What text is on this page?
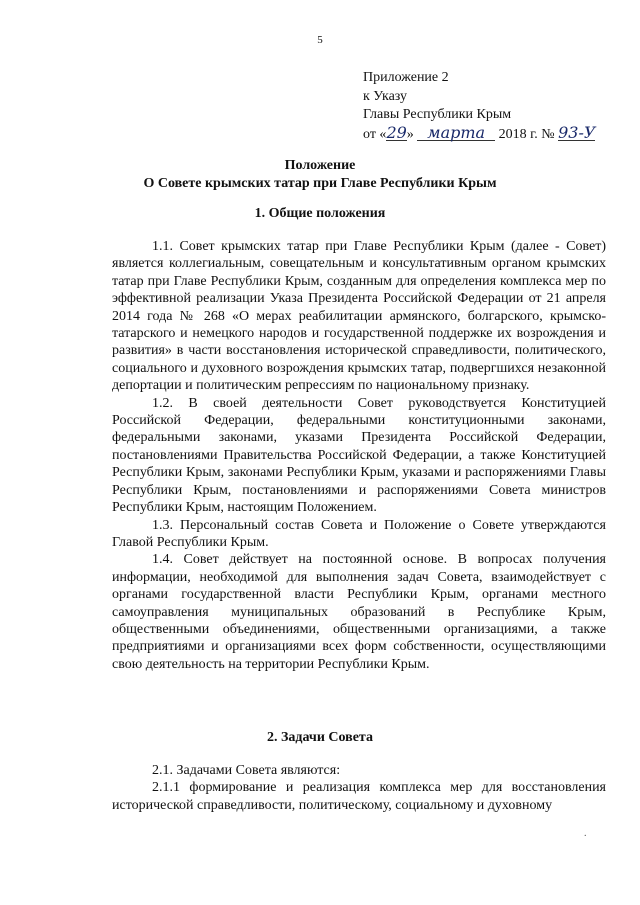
5
Приложение 2
к Указу
Главы Республики Крым
от «29» марта 2018 г. № 93-У
Положение
О Совете крымских татар при Главе Республики Крым
1. Общие положения

1.1. Совет крымских татар при Главе Республики Крым (далее - Совет) является коллегиальным, совещательным и консультативным органом крымских татар при Главе Республики Крым, созданным для определения комплекса мер по эффективной реализации Указа Президента Российской Федерации от 21 апреля 2014 года № 268 «О мерах реабилитации армянского, болгарского, крымско-татарского и немецкого народов и государственной поддержке их возрождения и развития» в части восстановления исторической справедливости, политического, социального и духовного возрождения крымских татар, подвергшихся незаконной депортации и политическим репрессиям по национальному признаку.

1.2. В своей деятельности Совет руководствуется Конституцией Российской Федерации, федеральными конституционными законами, федеральными законами, указами Президента Российской Федерации, постановлениями Правительства Российской Федерации, а также Конституцией Республики Крым, законами Республики Крым, указами и распоряжениями Главы Республики Крым, постановлениями и распоряжениями Совета министров Республики Крым, настоящим Положением.

1.3. Персональный состав Совета и Положение о Совете утверждаются Главой Республики Крым.

1.4. Совет действует на постоянной основе. В вопросах получения информации, необходимой для выполнения задач Совета, взаимодействует с органами государственной власти Республики Крым, органами местного самоуправления муниципальных образований в Республике Крым, общественными объединениями, общественными организациями, а также предприятиями и организациями всех форм собственности, осуществляющими свою деятельность на территории Республики Крым.

2. Задачи Совета

2.1. Задачами Совета являются:

2.1.1 формирование и реализация комплекса мер для восстановления исторической справедливости, политическому, социальному и духовному

.
